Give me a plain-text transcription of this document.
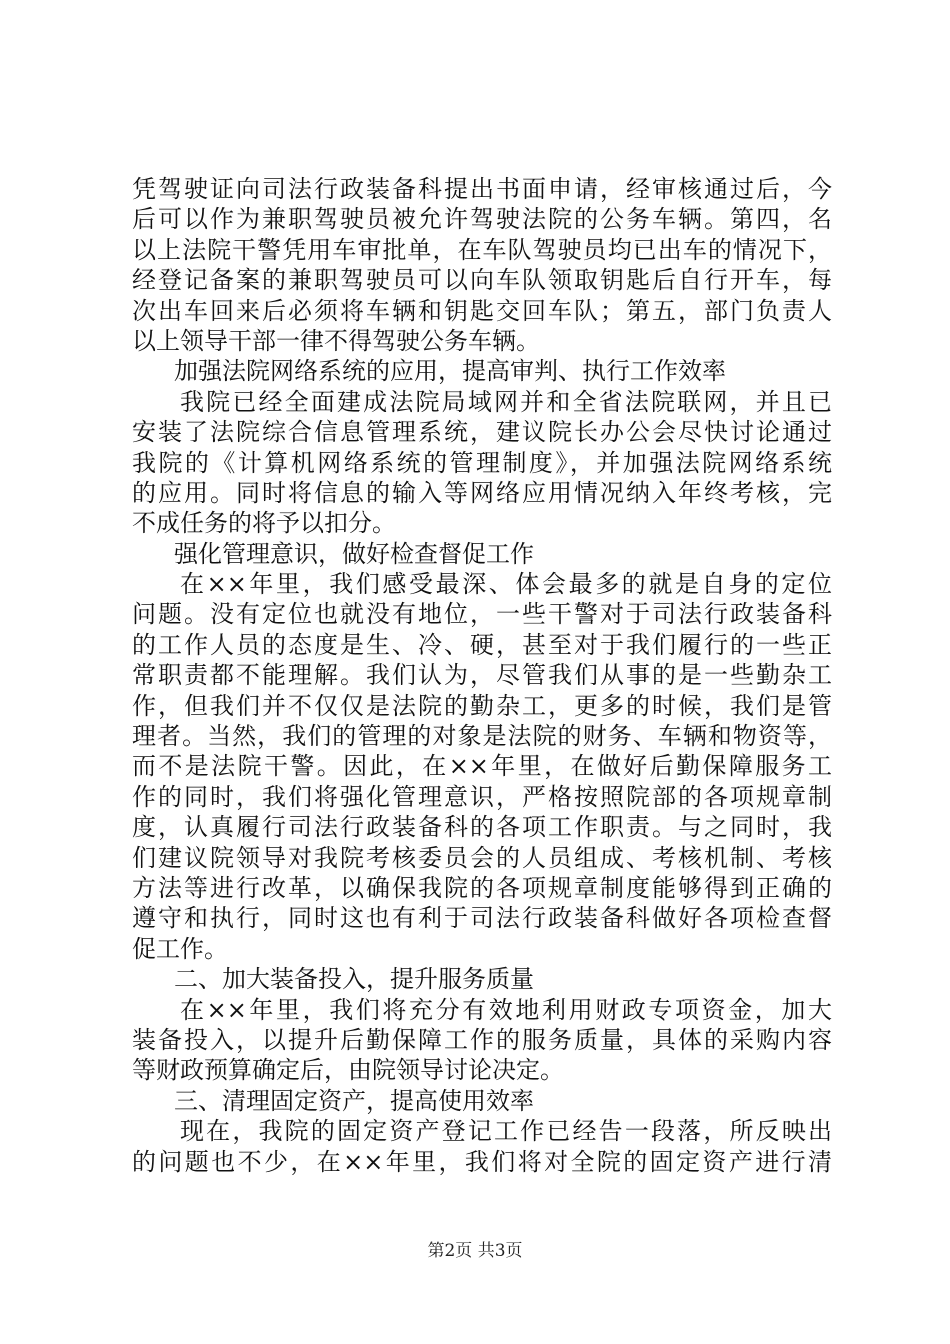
凭驾驶证向司法行政装备科提出书面申请，经审核通过后，今
后可以作为兼职驾驶员被允许驾驶法院的公务车辆。第四，名
以上法院干警凭用车审批单，在车队驾驶员均已出车的情况下，
经登记备案的兼职驾驶员可以向车队领取钥匙后自行开车，每
次出车回来后必须将车辆和钥匙交回车队；第五，部门负责人
以上领导干部一律不得驾驶公务车辆。
加强法院网络系统的应用，提高审判、执行工作效率
我院已经全面建成法院局域网并和全省法院联网，并且已
安装了法院综合信息管理系统，建议院长办公会尽快讨论通过
我院的《计算机网络系统的管理制度》，并加强法院网络系统
的应用。同时将信息的输入等网络应用情况纳入年终考核，完
不成任务的将予以扣分。
强化管理意识，做好检查督促工作
在××年里，我们感受最深、体会最多的就是自身的定位
问题。没有定位也就没有地位，一些干警对于司法行政装备科
的工作人员的态度是生、冷、硬，甚至对于我们履行的一些正
常职责都不能理解。我们认为，尽管我们从事的是一些勤杂工
作，但我们并不仅仅是法院的勤杂工，更多的时候，我们是管
理者。当然，我们的管理的对象是法院的财务、车辆和物资等，
而不是法院干警。因此，在××年里，在做好后勤保障服务工
作的同时，我们将强化管理意识，严格按照院部的各项规章制
度，认真履行司法行政装备科的各项工作职责。与之同时，我
们建议院领导对我院考核委员会的人员组成、考核机制、考核
方法等进行改革，以确保我院的各项规章制度能够得到正确的
遵守和执行，同时这也有利于司法行政装备科做好各项检查督
促工作。
二、加大装备投入，提升服务质量
在××年里，我们将充分有效地利用财政专项资金，加大
装备投入，以提升后勤保障工作的服务质量，具体的采购内容
等财政预算确定后，由院领导讨论决定。
三、清理固定资产，提高使用效率
现在，我院的固定资产登记工作已经告一段落，所反映出
的问题也不少，在××年里，我们将对全院的固定资产进行清
第2页 共3页
